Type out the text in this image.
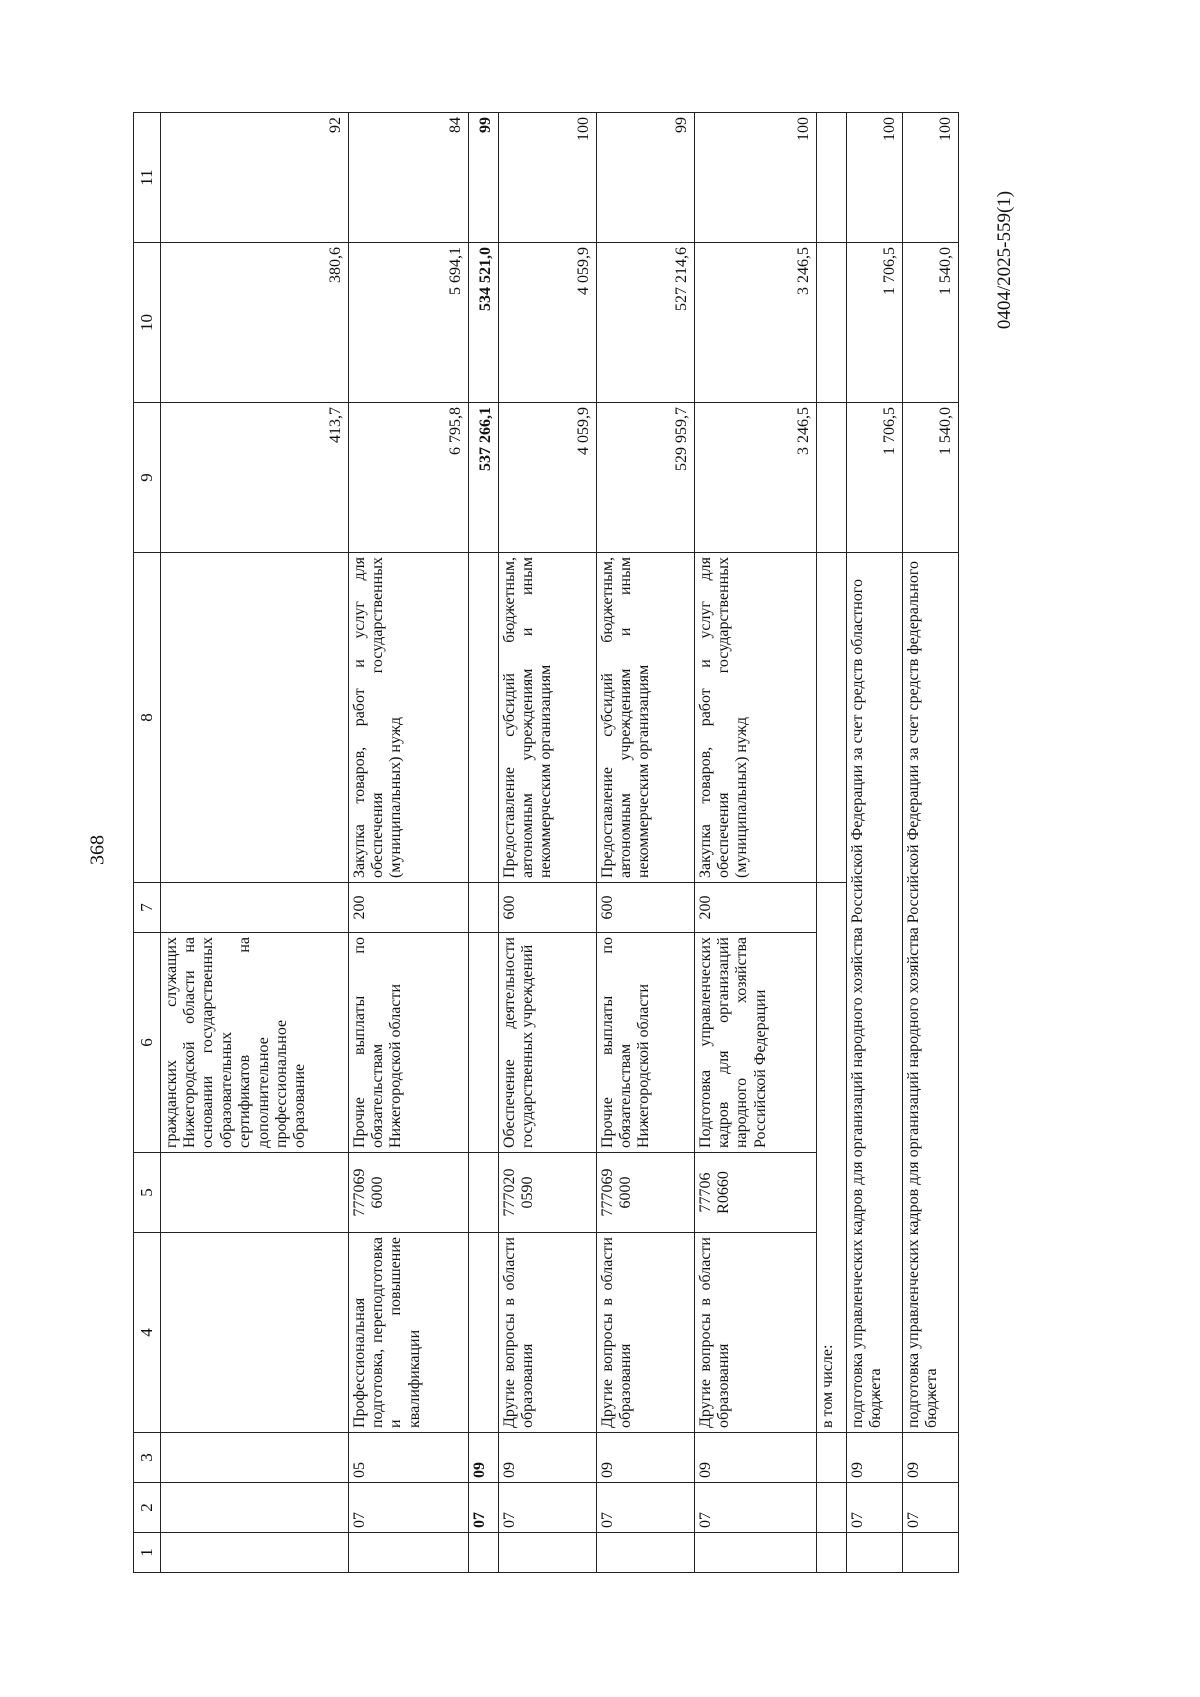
368
1	2	3	4	5	6	7	8	9	10	11
					гражданских служащих Нижегородской области на основании государственных образовательных сертификатов на дополнительное профессиональное образование			413,7	380,6	92
	07	05	Профессиональная подготовка, переподготовка и повышение квалификации	777069 6000	Прочие выплаты по обязательствам Нижегородской области	200	Закупка товаров, работ и услуг для обеспечения государственных (муниципальных) нужд	6 795,8	5 694,1	84
	07	09						537 266,1	534 521,0	99
	07	09	Другие вопросы в области образования	777020 0590	Обеспечение деятельности государственных учреждений	600	Предоставление субсидий бюджетным, автономным учреждениям и иным некоммерческим организациям	4 059,9	4 059,9	100
	07	09	Другие вопросы в области образования	777069 6000	Прочие выплаты по обязательствам Нижегородской области	600	Предоставление субсидий бюджетным, автономным учреждениям и иным некоммерческим организациям	529 959,7	527 214,6	99
	07	09	Другие вопросы в области образования	77706 R0660	Подготовка управленческих кадров для организаций народного хозяйства Российской Федерации	200	Закупка товаров, работ и услуг для обеспечения государственных (муниципальных) нужд	3 246,5	3 246,5	100
			в том числе:							
	07	09	подготовка управленческих кадров для организаций народного хозяйства Российской Федерации за счет средств областного бюджета					1 706,5	1 706,5	100
	07	09	подготовка управленческих кадров для организаций народного хозяйства Российской Федерации за счет средств федерального бюджета					1 540,0	1 540,0	100
0404/2025-559(1)
